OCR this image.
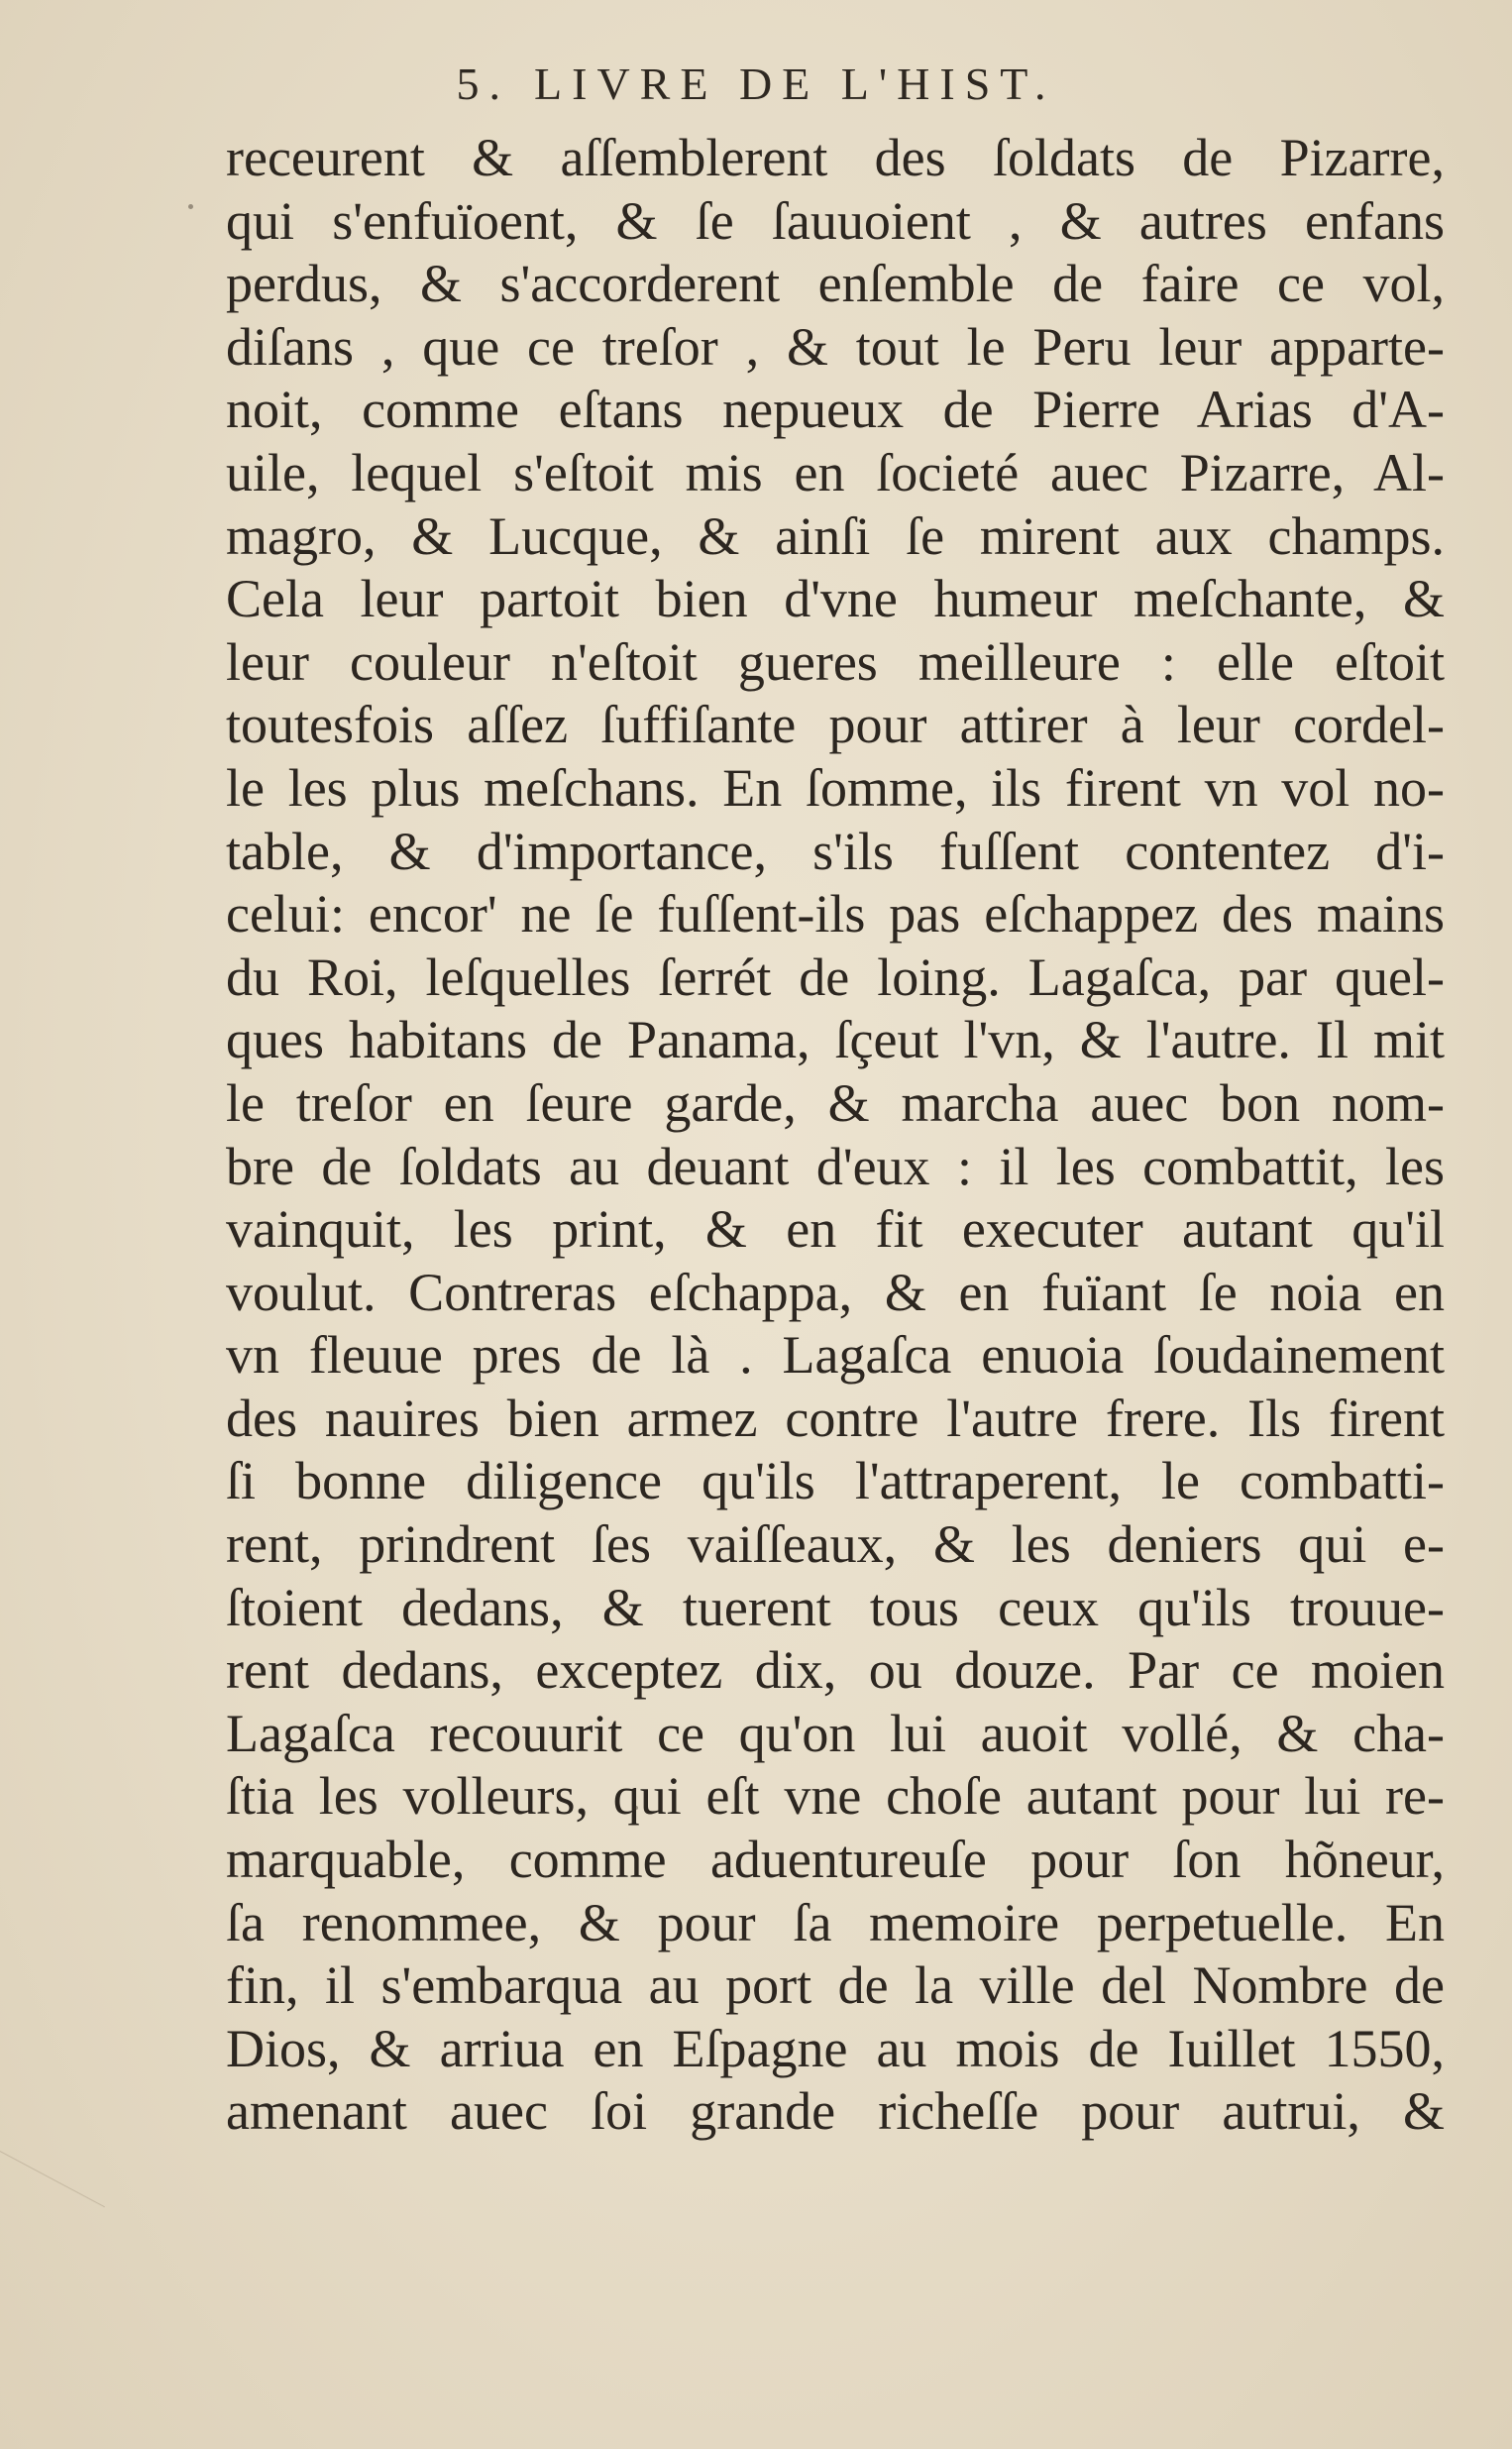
5. LIVRE DE L'HIST.
receurent & aſſemblerent des ſoldats de Pizarre,
qui s'enfuïoent, & ſe ſauuoient , & autres enfans
perdus, & s'accorderent enſemble de faire ce vol,
diſans , que ce treſor , & tout le Peru leur apparte-
noit, comme eſtans nepueux de Pierre Arias d'A-
uile, lequel s'eſtoit mis en ſocieté auec Pizarre, Al-
magro, & Lucque, & ainſi ſe mirent aux champs.
Cela leur partoit bien d'vne humeur meſchante, &
leur couleur n'eſtoit gueres meilleure : elle eſtoit
toutesfois aſſez ſuffiſante pour attirer à leur cordel-
le les plus meſchans. En ſomme, ils firent vn vol no-
table, & d'importance, s'ils fuſſent contentez d'i-
celui: encor' ne ſe fuſſent-ils pas eſchappez des mains
du Roi, leſquelles ſerrét de loing. Lagaſca, par quel-
ques habitans de Panama, ſçeut l'vn, & l'autre. Il mit
le treſor en ſeure garde, & marcha auec bon nom-
bre de ſoldats au deuant d'eux : il les combattit, les
vainquit, les print, & en fit executer autant qu'il
voulut. Contreras eſchappa, & en fuïant ſe noia en
vn fleuue pres de là . Lagaſca enuoia ſoudainement
des nauires bien armez contre l'autre frere. Ils firent
ſi bonne diligence qu'ils l'attraperent, le combatti-
rent, prindrent ſes vaiſſeaux, & les deniers qui e-
ſtoient dedans, & tuerent tous ceux qu'ils trouue-
rent dedans, exceptez dix, ou douze. Par ce moien
Lagaſca recouurit ce qu'on lui auoit vollé, & cha-
ſtia les volleurs, qui eſt vne choſe autant pour lui re-
marquable, comme aduentureuſe pour ſon hõneur,
ſa renommee, & pour ſa memoire perpetuelle. En
fin, il s'embarqua au port de la ville del Nombre de
Dios, & arriua en Eſpagne au mois de Iuillet 1550,
amenant auec ſoi grande richeſſe pour autrui, &
